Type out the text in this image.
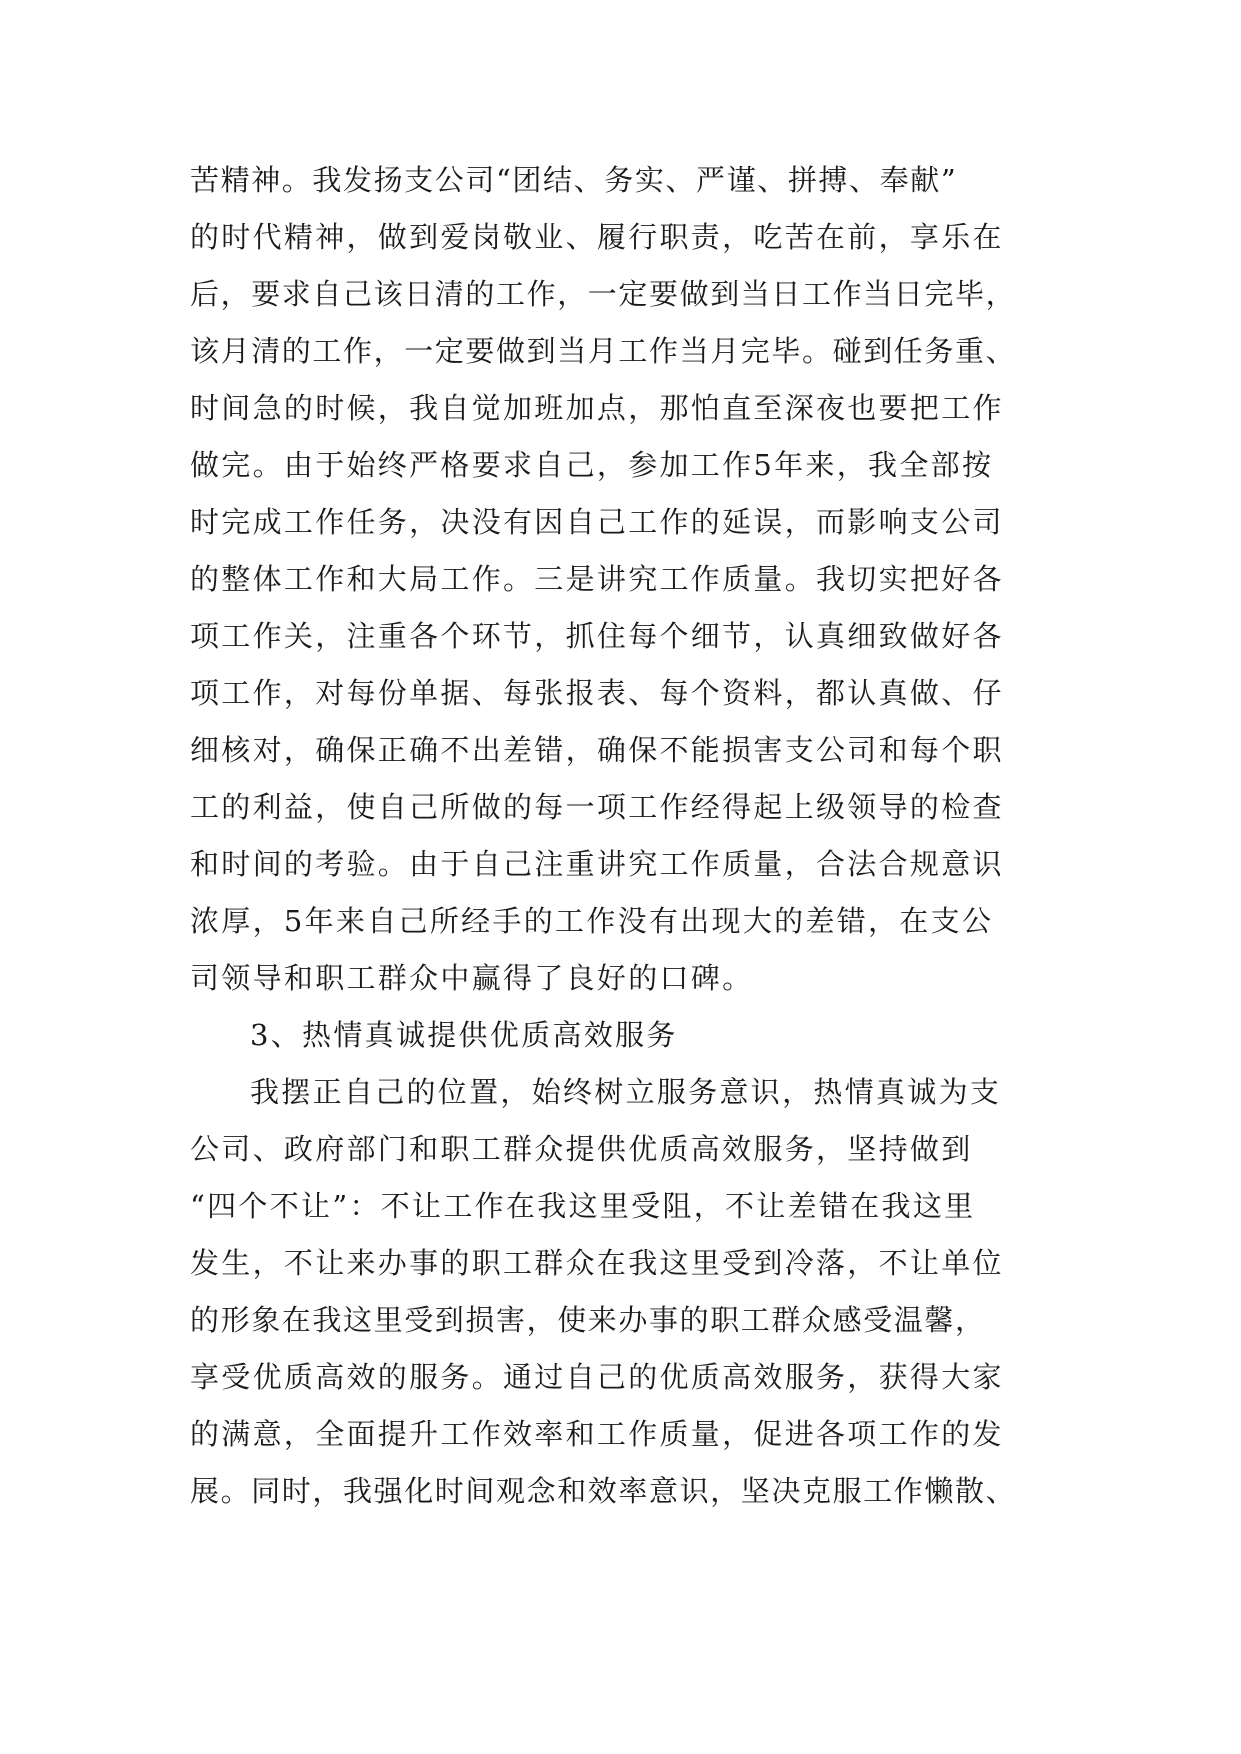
苦精神。我发扬支公司“团结、务实、严谨、拼搏、奉献”
的时代精神，做到爱岗敬业、履行职责，吃苦在前，享乐在
后，要求自己该日清的工作，一定要做到当日工作当日完毕，
该月清的工作，一定要做到当月工作当月完毕。碰到任务重、
时间急的时候，我自觉加班加点，那怕直至深夜也要把工作
做完。由于始终严格要求自己，参加工作5年来，我全部按
时完成工作任务，决没有因自己工作的延误，而影响支公司
的整体工作和大局工作。三是讲究工作质量。我切实把好各
项工作关，注重各个环节，抓住每个细节，认真细致做好各
项工作，对每份单据、每张报表、每个资料，都认真做、仔
细核对，确保正确不出差错，确保不能损害支公司和每个职
工的利益，使自己所做的每一项工作经得起上级领导的检查
和时间的考验。由于自己注重讲究工作质量，合法合规意识
浓厚，5年来自己所经手的工作没有出现大的差错，在支公
司领导和职工群众中赢得了良好的口碑。
3、热情真诚提供优质高效服务
我摆正自己的位置，始终树立服务意识，热情真诚为支
公司、政府部门和职工群众提供优质高效服务，坚持做到
“四个不让”：不让工作在我这里受阻，不让差错在我这里
发生，不让来办事的职工群众在我这里受到冷落，不让单位
的形象在我这里受到损害，使来办事的职工群众感受温馨，
享受优质高效的服务。通过自己的优质高效服务，获得大家
的满意，全面提升工作效率和工作质量，促进各项工作的发
展。同时，我强化时间观念和效率意识，坚决克服工作懒散、
